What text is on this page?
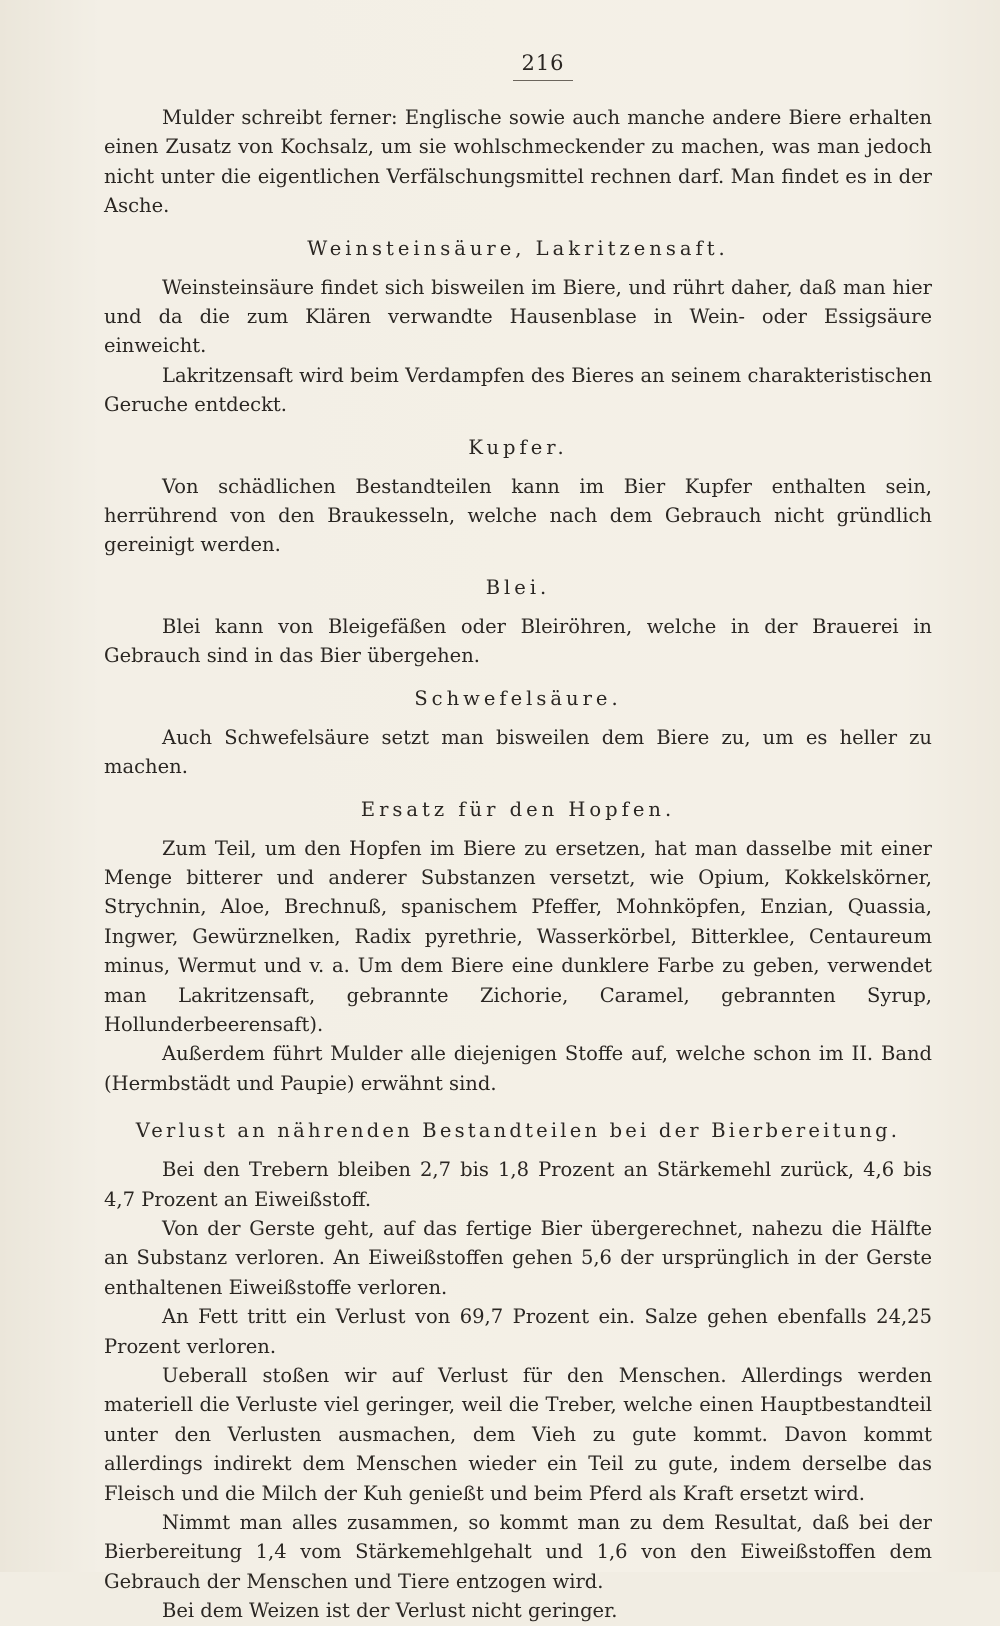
216

Mulder schreibt ferner: Englische sowie auch manche andere Biere erhalten einen Zusatz von Kochsalz, um sie wohlschmeckender zu machen, was man jedoch nicht unter die eigentlichen Verfälschungsmittel rechnen darf. Man findet es in der Asche.

Weinsteinsäure, Lakritzensaft.

Weinsteinsäure findet sich bisweilen im Biere, und rührt daher, daß man hier und da die zum Klären verwandte Hausenblase in Wein- oder Essigsäure einweicht.

Lakritzensaft wird beim Verdampfen des Bieres an seinem charakteristischen Geruche entdeckt.

Kupfer.

Von schädlichen Bestandteilen kann im Bier Kupfer enthalten sein, herrührend von den Braukesseln, welche nach dem Gebrauch nicht gründlich gereinigt werden.

Blei.

Blei kann von Bleigefäßen oder Bleiröhren, welche in der Brauerei in Gebrauch sind in das Bier übergehen.

Schwefelsäure.

Auch Schwefelsäure setzt man bisweilen dem Biere zu, um es heller zu machen.

Ersatz für den Hopfen.

Zum Teil, um den Hopfen im Biere zu ersetzen, hat man dasselbe mit einer Menge bitterer und anderer Substanzen versetzt, wie Opium, Kokkelskörner, Strychnin, Aloe, Brechnuß, spanischem Pfeffer, Mohnköpfen, Enzian, Quassia, Ingwer, Gewürznelken, Radix pyrethrie, Wasserkörbel, Bitterklee, Centaureum minus, Wermut und v. a. Um dem Biere eine dunklere Farbe zu geben, verwendet man Lakritzensaft, gebrannte Zichorie, Caramel, gebrannten Syrup, Hollunderbeerensaft).

Außerdem führt Mulder alle diejenigen Stoffe auf, welche schon im II. Band (Hermbstädt und Paupie) erwähnt sind.

Verlust an nährenden Bestandteilen bei der Bierbereitung.

Bei den Trebern bleiben 2,7 bis 1,8 Prozent an Stärkemehl zurück, 4,6 bis 4,7 Prozent an Eiweißstoff.

Von der Gerste geht, auf das fertige Bier übergerechnet, nahezu die Hälfte an Substanz verloren. An Eiweißstoffen gehen 5,6 der ursprünglich in der Gerste enthaltenen Eiweißstoffe verloren.

An Fett tritt ein Verlust von 69,7 Prozent ein. Salze gehen ebenfalls 24,25 Prozent verloren.

Ueberall stoßen wir auf Verlust für den Menschen. Allerdings werden materiell die Verluste viel geringer, weil die Treber, welche einen Hauptbestandteil unter den Verlusten ausmachen, dem Vieh zu gute kommt. Davon kommt allerdings indirekt dem Menschen wieder ein Teil zu gute, indem derselbe das Fleisch und die Milch der Kuh genießt und beim Pferd als Kraft ersetzt wird.

Nimmt man alles zusammen, so kommt man zu dem Resultat, daß bei der Bierbereitung 1,4 vom Stärkemehlgehalt und 1,6 von den Eiweißstoffen dem Gebrauch der Menschen und Tiere entzogen wird.

Bei dem Weizen ist der Verlust nicht geringer.
